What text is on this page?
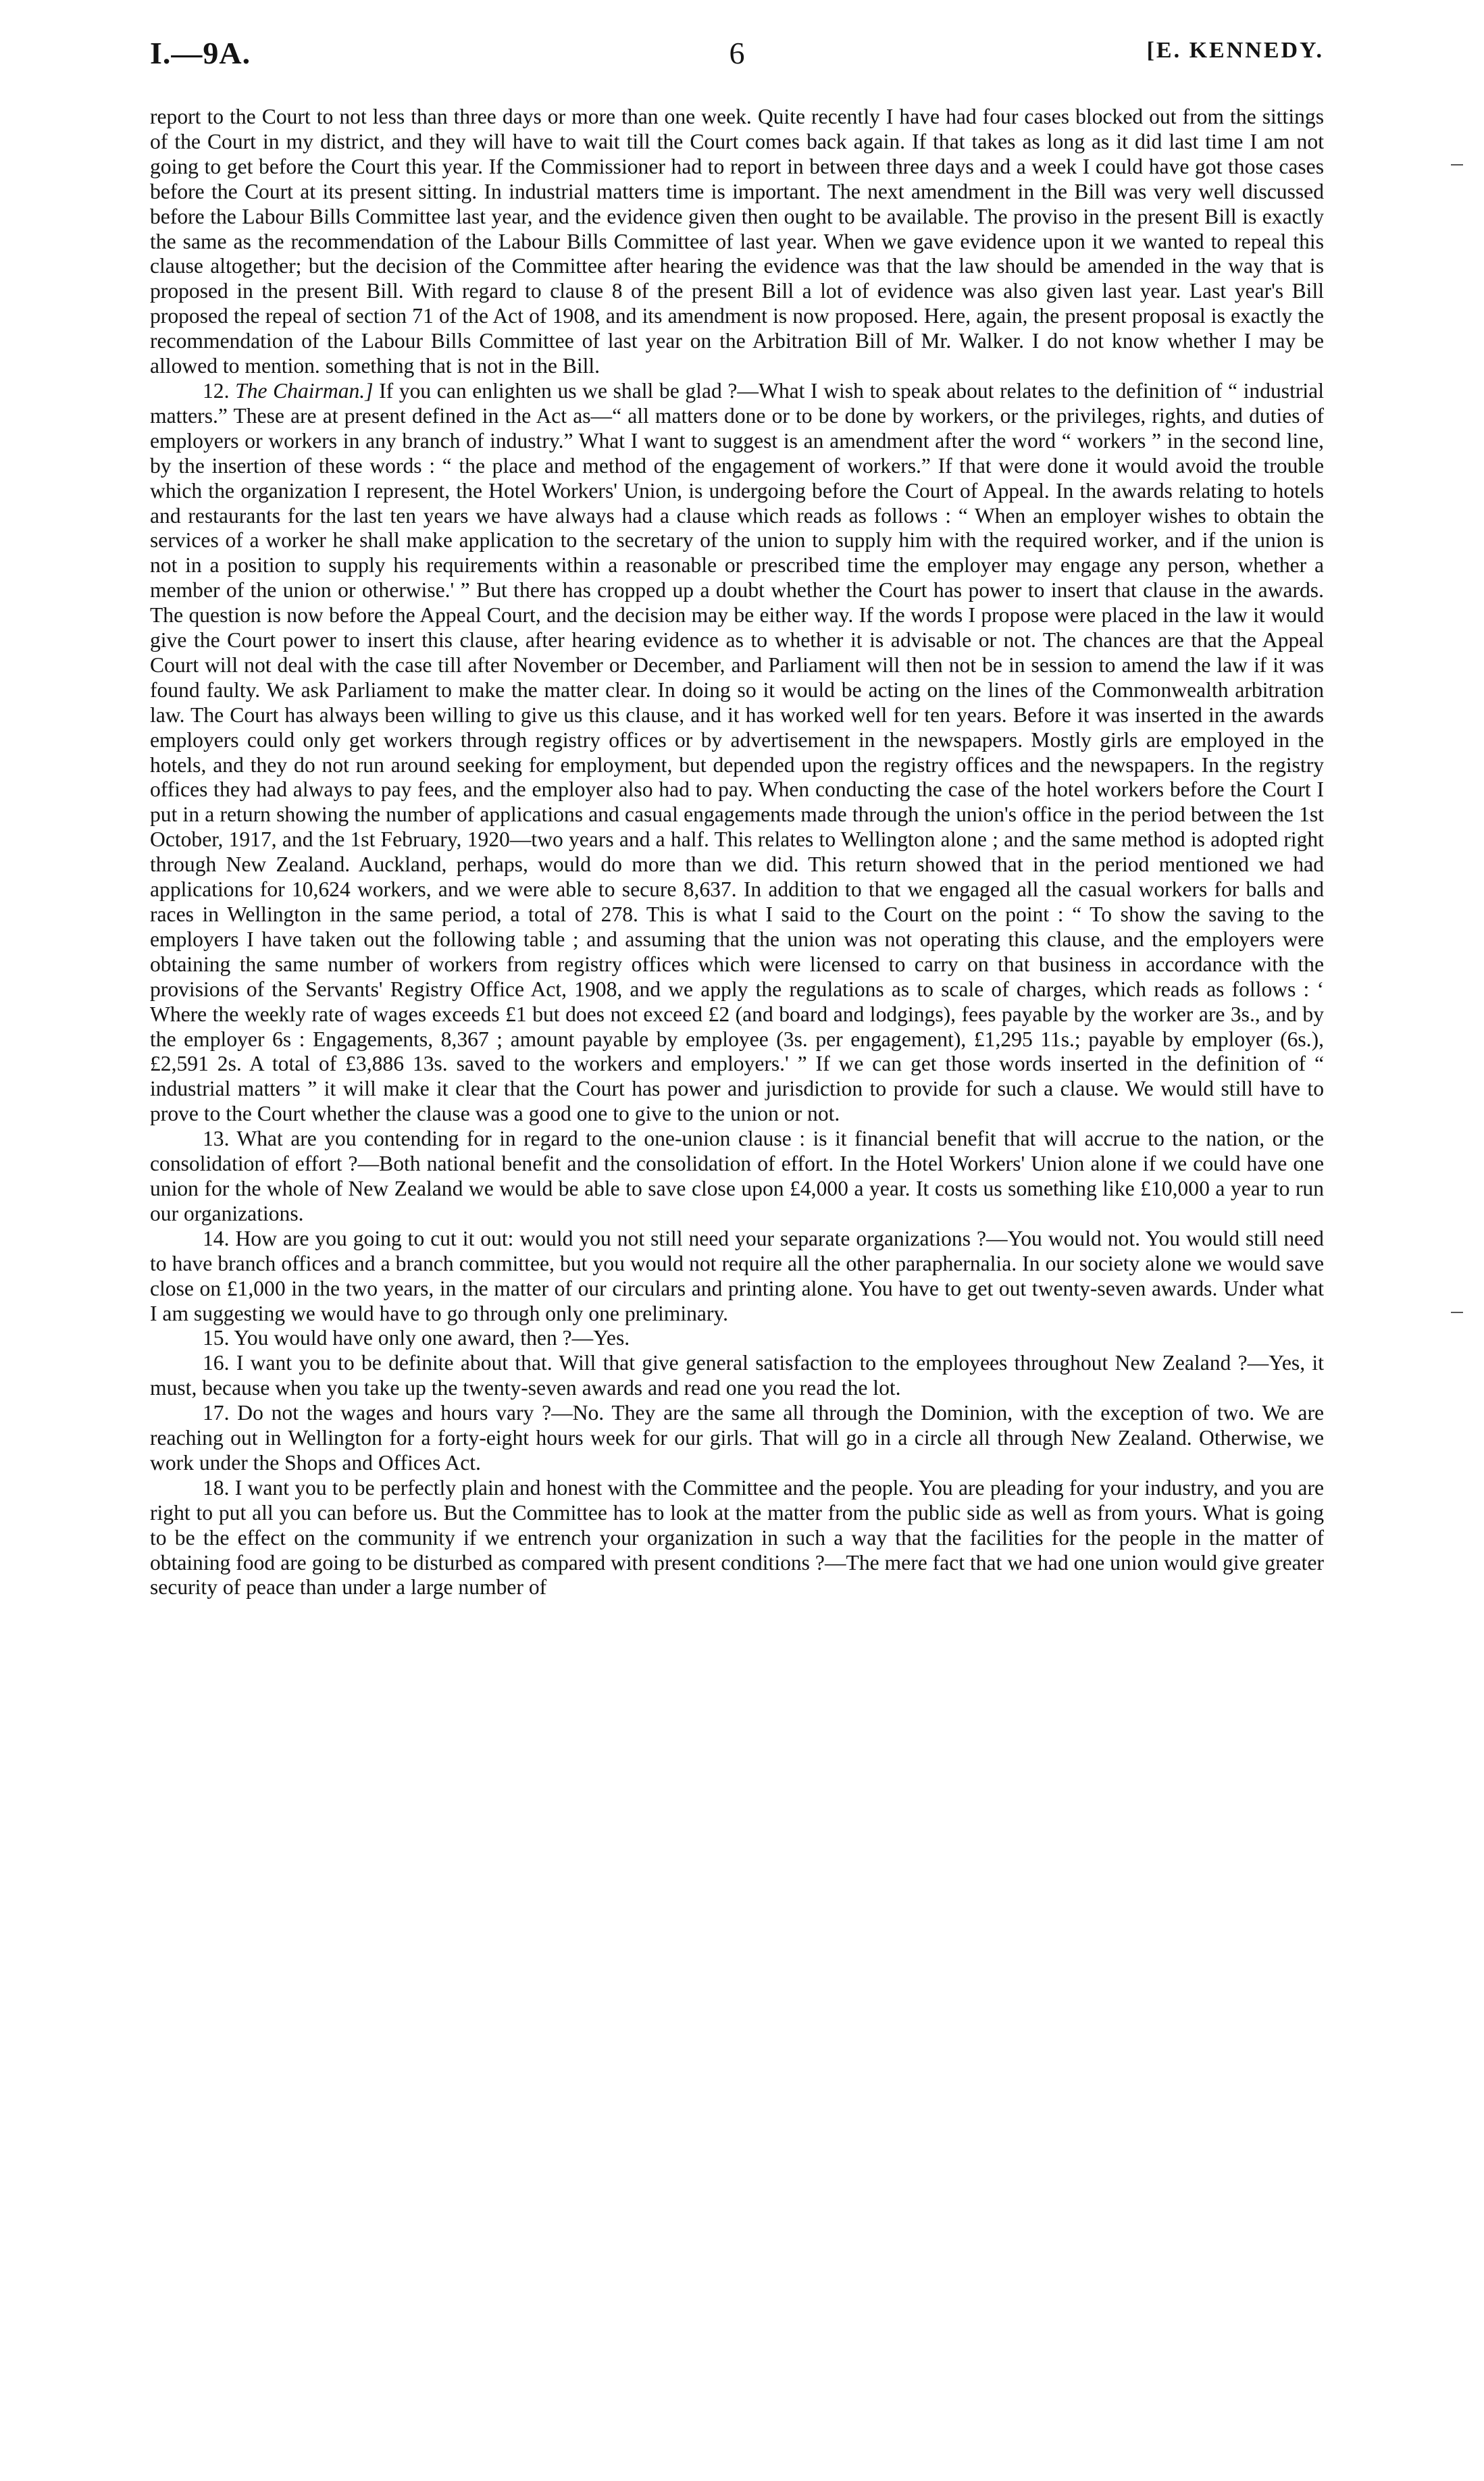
I.—9A.	6	[E. KENNEDY.

report to the Court to not less than three days or more than one week. Quite recently I have had four cases blocked out from the sittings of the Court in my district, and they will have to wait till the Court comes back again. If that takes as long as it did last time I am not going to get before the Court this year. If the Commissioner had to report in between three days and a week I could have got those cases before the Court at its present sitting. In industrial matters time is important. The next amendment in the Bill was very well discussed before the Labour Bills Committee last year, and the evidence given then ought to be available. The proviso in the present Bill is exactly the same as the recommendation of the Labour Bills Committee of last year. When we gave evidence upon it we wanted to repeal this clause altogether; but the decision of the Committee after hearing the evidence was that the law should be amended in the way that is proposed in the present Bill. With regard to clause 8 of the present Bill a lot of evidence was also given last year. Last year's Bill proposed the repeal of section 71 of the Act of 1908, and its amendment is now proposed. Here, again, the present proposal is exactly the recommendation of the Labour Bills Committee of last year on the Arbitration Bill of Mr. Walker. I do not know whether I may be allowed to mention. something that is not in the Bill.

12. The Chairman.] If you can enlighten us we shall be glad ?—What I wish to speak about relates to the definition of “ industrial matters.” These are at present defined in the Act as—“ all matters done or to be done by workers, or the privileges, rights, and duties of employers or workers in any branch of industry.” What I want to suggest is an amendment after the word “ workers ” in the second line, by the insertion of these words : “ the place and method of the engagement of workers.” If that were done it would avoid the trouble which the organization I represent, the Hotel Workers' Union, is undergoing before the Court of Appeal. In the awards relating to hotels and restaurants for the last ten years we have always had a clause which reads as follows : “ When an employer wishes to obtain the services of a worker he shall make application to the secretary of the union to supply him with the required worker, and if the union is not in a position to supply his requirements within a reasonable or prescribed time the employer may engage any person, whether a member of the union or otherwise.' ” But there has cropped up a doubt whether the Court has power to insert that clause in the awards. The question is now before the Appeal Court, and the decision may be either way. If the words I propose were placed in the law it would give the Court power to insert this clause, after hearing evidence as to whether it is advisable or not. The chances are that the Appeal Court will not deal with the case till after November or December, and Parliament will then not be in session to amend the law if it was found faulty. We ask Parliament to make the matter clear. In doing so it would be acting on the lines of the Commonwealth arbitration law. The Court has always been willing to give us this clause, and it has worked well for ten years. Before it was inserted in the awards employers could only get workers through registry offices or by advertisement in the newspapers. Mostly girls are employed in the hotels, and they do not run around seeking for employment, but depended upon the registry offices and the newspapers. In the registry offices they had always to pay fees, and the employer also had to pay. When conducting the case of the hotel workers before the Court I put in a return showing the number of applications and casual engagements made through the union's office in the period between the 1st October, 1917, and the 1st February, 1920—two years and a half. This relates to Wellington alone ; and the same method is adopted right through New Zealand. Auckland, perhaps, would do more than we did. This return showed that in the period mentioned we had applications for 10,624 workers, and we were able to secure 8,637. In addition to that we engaged all the casual workers for balls and races in Wellington in the same period, a total of 278. This is what I said to the Court on the point : “ To show the saving to the employers I have taken out the following table ; and assuming that the union was not operating this clause, and the employers were obtaining the same number of workers from registry offices which were licensed to carry on that business in accordance with the provisions of the Servants' Registry Office Act, 1908, and we apply the regulations as to scale of charges, which reads as follows : ‘ Where the weekly rate of wages exceeds £1 but does not exceed £2 (and board and lodgings), fees payable by the worker are 3s., and by the employer 6s : Engagements, 8,367 ; amount payable by employee (3s. per engagement), £1,295 11s.; payable by employer (6s.), £2,591 2s. A total of £3,886 13s. saved to the workers and employers.' ” If we can get those words inserted in the definition of “ industrial matters ” it will make it clear that the Court has power and jurisdiction to provide for such a clause. We would still have to prove to the Court whether the clause was a good one to give to the union or not.

13. What are you contending for in regard to the one-union clause : is it financial benefit that will accrue to the nation, or the consolidation of effort ?—Both national benefit and the consolidation of effort. In the Hotel Workers' Union alone if we could have one union for the whole of New Zealand we would be able to save close upon £4,000 a year. It costs us something like £10,000 a year to run our organizations.

14. How are you going to cut it out: would you not still need your separate organizations ?—You would not. You would still need to have branch offices and a branch committee, but you would not require all the other paraphernalia. In our society alone we would save close on £1,000 in the two years, in the matter of our circulars and printing alone. You have to get out twenty-seven awards. Under what I am suggesting we would have to go through only one preliminary.

15. You would have only one award, then ?—Yes.

16. I want you to be definite about that. Will that give general satisfaction to the employees throughout New Zealand ?—Yes, it must, because when you take up the twenty-seven awards and read one you read the lot.

17. Do not the wages and hours vary ?—No. They are the same all through the Dominion, with the exception of two. We are reaching out in Wellington for a forty-eight hours week for our girls. That will go in a circle all through New Zealand. Otherwise, we work under the Shops and Offices Act.

18. I want you to be perfectly plain and honest with the Committee and the people. You are pleading for your industry, and you are right to put all you can before us. But the Committee has to look at the matter from the public side as well as from yours. What is going to be the effect on the community if we entrench your organization in such a way that the facilities for the people in the matter of obtaining food are going to be disturbed as compared with present conditions ?—The mere fact that we had one union would give greater security of peace than under a large number of
